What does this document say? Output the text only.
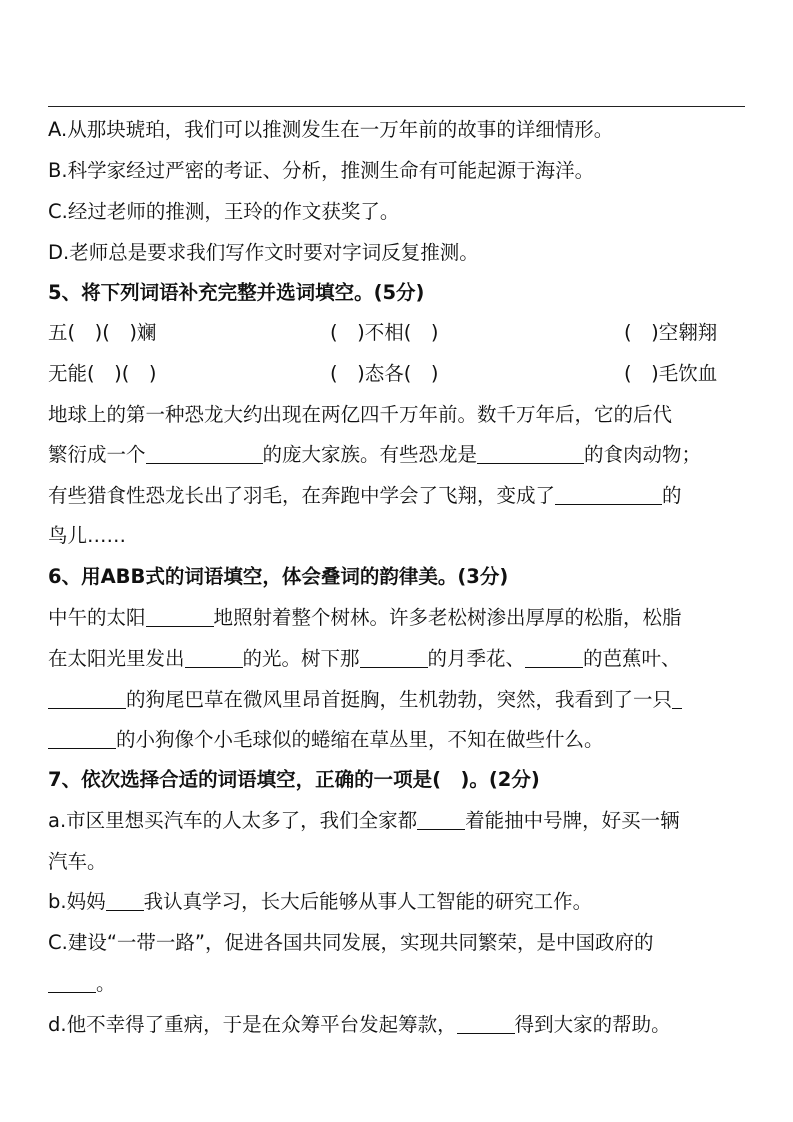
A.从那块琥珀，我们可以推测发生在一万年前的故事的详细情形。
B.科学家经过严密的考证、分析，推测生命有可能起源于海洋。
C.经过老师的推测，王玲的作文获奖了。
D.老师总是要求我们写作文时要对字词反复推测。
5、将下列词语补充完整并选词填空。(5分)
五(　)(　)斓	(　)不相(　)	(　)空翱翔
无能(　)(　)	(　)态各(　)	(　)毛饮血
地球上的第一种恐龙大约出现在两亿四千万年前。数千万年后，它的后代
繁衍成一个	的庞大家族。有些恐龙是	的食肉动物；
有些猎食性恐龙长出了羽毛，在奔跑中学会了飞翔，变成了	的
鸟儿……
6、用ABB式的词语填空，体会叠词的韵律美。(3分)
中午的太阳	地照射着整个树林。许多老松树渗出厚厚的松脂，松脂
在太阳光里发出	的光。树下那	的月季花、	的芭蕉叶、
的狗尾巴草在微风里昂首挺胸，生机勃勃，突然，我看到了一只
的小狗像个小毛球似的蜷缩在草丛里，不知在做些什么。
7、依次选择合适的词语填空，正确的一项是(　)。(2分)
a.市区里想买汽车的人太多了，我们全家都 着能抽中号牌，好买一辆
汽车。
b.妈妈 我认真学习，长大后能够从事人工智能的研究工作。
C.建设“一带一路”，促进各国共同发展，实现共同繁荣，是中国政府的
。
d.他不幸得了重病，于是在众筹平台发起筹款，	得到大家的帮助。
